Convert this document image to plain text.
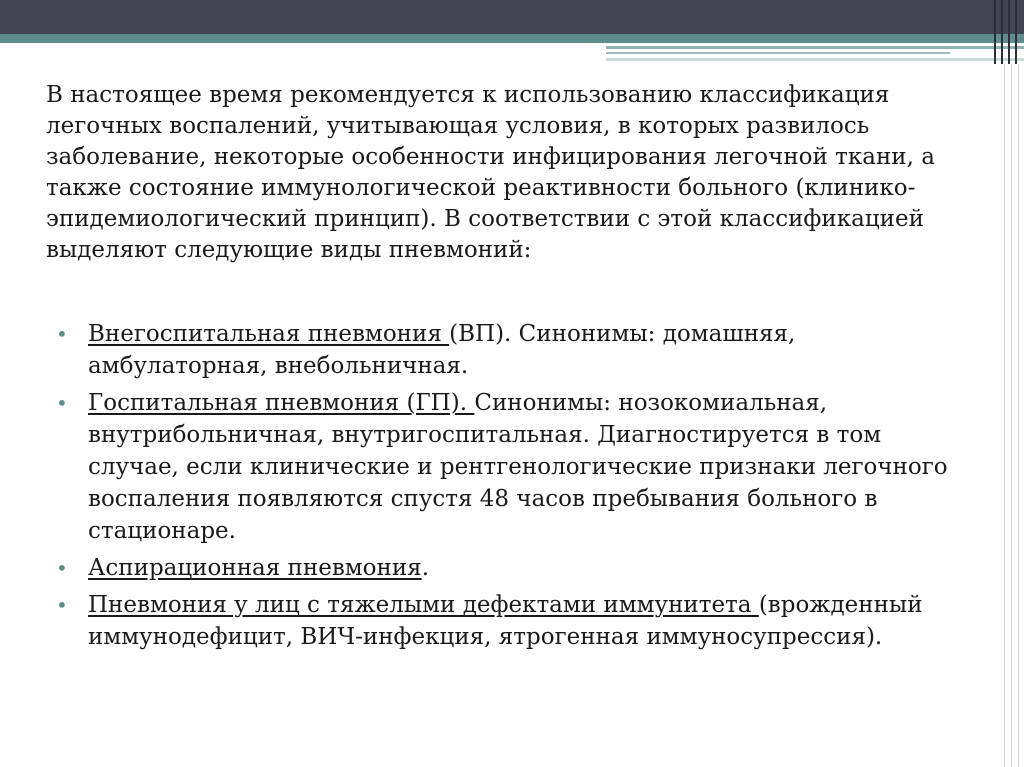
В настоящее время рекомендуется к использованию классификация легочных воспалений, учитывающая условия, в которых развилось заболевание, некоторые особенности инфицирования легочной ткани, а также состояние иммунологической реактивности больного (клинико-эпидемиологический принцип). В соответствии с этой классификацией выделяют следующие виды пневмоний:

• Внегоспитальная пневмония (ВП). Синонимы: домашняя, амбулаторная, внебольничная.
• Госпитальная пневмония (ГП). Синонимы: нозокомиальная, внутрибольничная, внутригоспитальная. Диагностируется в том случае, если клинические и рентгенологические признаки легочного воспаления появляются спустя 48 часов пребывания больного в стационаре.
• Аспирационная пневмония.
• Пневмония у лиц с тяжелыми дефектами иммунитета (врожденный иммунодефицит, ВИЧ-инфекция, ятрогенная иммуносупрессия).
